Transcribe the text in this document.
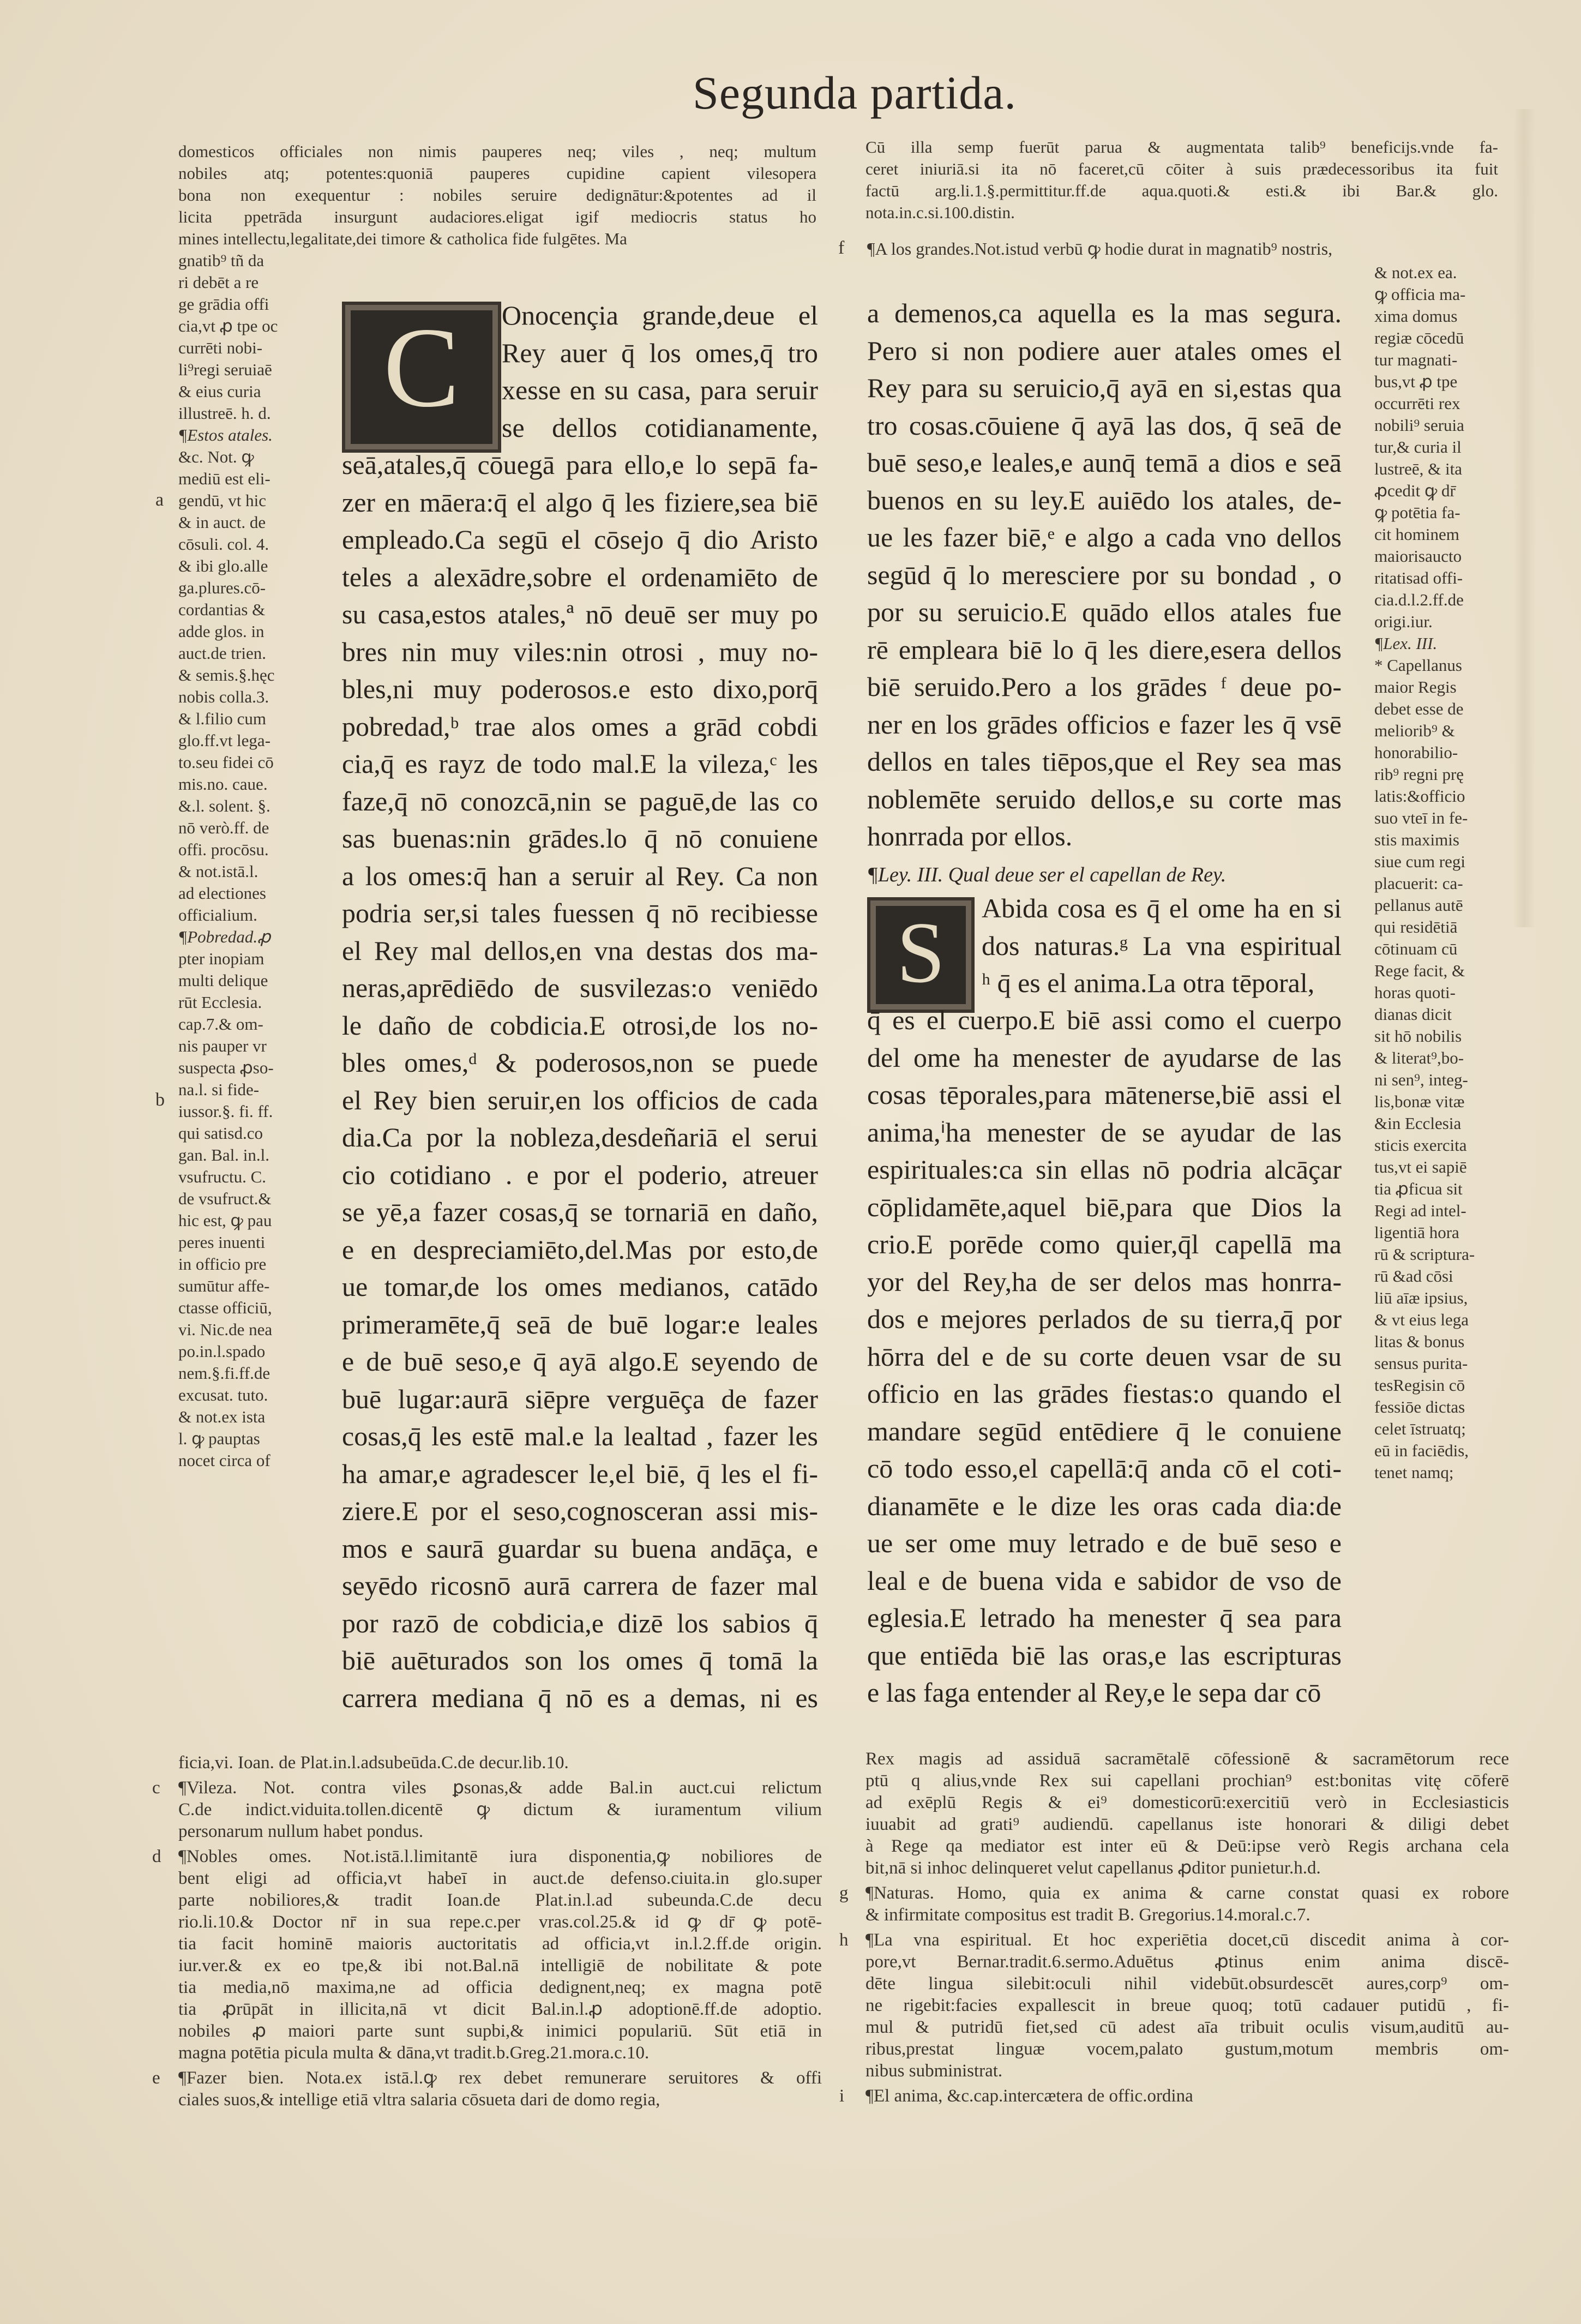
Segunda partida.

domesticos officiales non nimis pauperes neq; viles , neq; multum

nobiles atq; potentes:quoniā pauperes cupidine capient vilesopera

bona non exequentur : nobiles seruire dedignātur:&potentes ad il

licita ppetrāda insurgunt audaciores.eligat igif mediocris status ho

mines intellectu,legalitate,dei timore & catholica fide fulgētes. Ma

gnatib⁹ tñ da

ri debēt a re

ge grādia offi

cia,vt ꝓ tpe oc

currēti nobi-

li⁹regi seruiaē

& eius curia

illustreē. h. d.

¶Estos atales.

&c. Not. ꝙ

mediū est eli-

gendū, vt hic

& in auct. de

cōsuli. col. 4.

& ibi glo.alle

ga.plures.cō-

cordantias &

adde glos. in

auct.de trien.

& semis.§.hęc

nobis colla.3.

& l.filio cum

glo.ff.vt lega-

to.seu fidei cō

mis.no. caue.

&.l. solent. §.

nō verò.ff. de

offi. procōsu.

& not.istā.l.

ad electiones

officialium.

¶Pobredad.ꝓ

pter inopiam

multi delique

rūt Ecclesia.

cap.7.& om-

nis pauper vr

suspecta ꝓso-

na.l. si fide-

iussor.§. fi. ff.

qui satisd.co

gan. Bal. in.l.

vsufructu. C.

de vsufruct.&

hic est, ꝙ pau

peres inuenti

in officio pre

sumūtur affe-

ctasse officiū,

vi. Nic.de nea

po.in.l.spado

nem.§.fi.ff.de

excusat. tuto.

& not.ex ista

l. ꝙ pauptas

nocet circa of

a
b
C	Onocençia grande,deue el

Rey auer q̄ los omes,q̄ tro

xesse en su casa, para seruir

se dellos cotidianamente,

seā,atales,q̄ cōuegā para ello,e lo sepā fa-

zer en māera:q̄ el algo q̄ les fiziere,sea biē

empleado.Ca segū el cōsejo q̄ dio Aristo

teles a alexādre,sobre el ordenamiēto de

su casa,estos atales,ª nō deuē ser muy po

bres nin muy viles:nin otrosi , muy no-

bles,ni muy poderosos.e esto dixo,porq̄

pobredad,ᵇ trae alos omes a grād cobdi

cia,q̄ es rayz de todo mal.E la vileza,ᶜ les

faze,q̄ nō conozcā,nin se paguē,de las co

sas buenas:nin grādes.lo q̄ nō conuiene

a los omes:q̄ han a seruir al Rey. Ca non

podria ser,si tales fuessen q̄ nō recibiesse

el Rey mal dellos,en vna destas dos ma-

neras,aprēdiēdo de susvilezas:o veniēdo

le daño de cobdicia.E otrosi,de los no-

bles omes,ᵈ & poderosos,non se puede

el Rey bien seruir,en los officios de cada

dia.Ca por la nobleza,desdeñariā el serui

cio cotidiano . e por el poderio, atreuer

se yē,a fazer cosas,q̄ se tornariā en daño,

e en despreciamiēto,del.Mas por esto,de

ue tomar,de los omes medianos, catādo

primeramēte,q̄ seā de buē logar:e leales

e de buē seso,e q̄ ayā algo.E seyendo de

buē lugar:aurā siēpre verguēça de fazer

cosas,q̄ les estē mal.e la lealtad , fazer les

ha amar,e agradescer le,el biē, q̄ les el fi-

ziere.E por el seso,cognosceran assi mis-

mos e saurā guardar su buena andāça, e

seyēdo ricosnō aurā carrera de fazer mal

por razō de cobdicia,e dizē los sabios q̄

biē auēturados son los omes q̄ tomā la

carrera mediana q̄ nō es a demas, ni es

Cū illa semp fuerūt parua & augmentata talib⁹ beneficijs.vnde fa-

ceret iniuriā.si ita nō faceret,cū cōiter à suis prædecessoribus ita fuit

factū arg.li.1.§.permittitur.ff.de aqua.quoti.& esti.& ibi Bar.& glo.

nota.in.c.si.100.distin.

f ¶A los grandes.Not.istud verbū ꝙ hodie durat in magnatib⁹ nostris,

a demenos,ca aquella es la mas segura.

Pero si non podiere auer atales omes el

Rey para su seruicio,q̄ ayā en si,estas qua

tro cosas.cōuiene q̄ ayā las dos, q̄ seā de

buē seso,e leales,e aunq̄ temā a dios e seā

buenos en su ley.E auiēdo los atales, de-

ue les fazer biē,ᵉ e algo a cada vno dellos

segūd q̄ lo meresciere por su bondad , o

por su seruicio.E quādo ellos atales fue

rē empleara biē lo q̄ les diere,esera dellos

biē seruido.Pero a los grādes ᶠ deue po-

ner en los grādes officios e fazer les q̄ vsē

dellos en tales tiēpos,que el Rey sea mas

noblemēte seruido dellos,e su corte mas

honrrada por ellos.

¶Ley. III. Qual deue ser el capellan de Rey.
S	Abida cosa es q̄ el ome ha en si

dos naturas.ᵍ La vna espiritual

ʰ q̄ es el anima.La otra tēporal,

q̄ es el cuerpo.E biē assi como el cuerpo

del ome ha menester de ayudarse de las

cosas tēporales,para mātenerse,biē assi el

anima,ⁱha menester de se ayudar de las

espirituales:ca sin ellas nō podria alcāçar

cōplidamēte,aquel biē,para que Dios la

crio.E porēde como quier,q̄l capellā ma

yor del Rey,ha de ser delos mas honrra-

dos e mejores perlados de su tierra,q̄ por

hōrra del e de su corte deuen vsar de su

officio en las grādes fiestas:o quando el

mandare segūd entēdiere q̄ le conuiene

cō todo esso,el capellā:q̄ anda cō el coti-

dianamēte e le dize les oras cada dia:de

ue ser ome muy letrado e de buē seso e

leal e de buena vida e sabidor de vso de

eglesia.E letrado ha menester q̄ sea para

que entiēda biē las oras,e las escripturas

e las faga entender al Rey,e le sepa dar cō

& not.ex ea.

ꝙ officia ma-

xima domus

regiæ cōcedū

tur magnati-

bus,vt ꝓ tpe

occurrēti rex

nobili⁹ seruia

tur,& curia il

lustreē, & ita

ꝓcedit ꝙ dr̄

ꝙ potētia fa-

cit hominem

maiorisaucto

ritatisad offi-

cia.d.l.2.ff.de

origi.iur.

¶Lex. III.

* Capellanus

maior Regis

debet esse de

meliorib⁹ &

honorabilio-

rib⁹ regni prę

latis:&officio

suo vteī in fe-

stis maximis

siue cum regi

placuerit: ca-

pellanus autē

qui residētiā

cōtinuam cū

Rege facit, &

horas quoti-

dianas dicit

sit hō nobilis

& literat⁹,bo-

ni sen⁹, integ-

lis,bonæ vitæ

&in Ecclesia

sticis exercita

tus,vt ei sapiē

tia ꝓficua sit

Regi ad intel-

ligentiā hora

rū & scriptura-

rū &ad cōsi

liū aīæ ipsius,

& vt eius lega

litas & bonus

sensus purita-

tesRegisin cō

fessiōe dictas

celet īstruatq;

eū in faciēdis,

tenet namq;

ficia,vi. Ioan. de Plat.in.l.adsubeūda.C.de decur.lib.10.

c ¶Vileza. Not. contra viles ꝑsonas,& adde Bal.in auct.cui relictum

C.de indict.viduita.tollen.dicentē ꝙ dictum & iuramentum vilium

personarum nullum habet pondus.

d ¶Nobles omes. Not.istā.l.limitantē iura disponentia,ꝙ nobiliores de

bent eligi ad officia,vt habeī in auct.de defenso.ciuita.in glo.super

parte nobiliores,& tradit Ioan.de Plat.in.l.ad subeunda.C.de decu

rio.li.10.& Doctor nr̄ in sua repe.c.per vras.col.25.& id ꝙ dr̄ ꝙ potē-

tia facit hominē maioris auctoritatis ad officia,vt in.l.2.ff.de origin.

iur.ver.& ex eo tpe,& ibi not.Bal.nā intelligiē de nobilitate & pote

tia media,nō maxima,ne ad officia dedignent,neq; ex magna potē

tia ꝓrūpāt in illicita,nā vt dicit Bal.in.l.ꝓ adoptionē.ff.de adoptio.

nobiles ꝓ maiori parte sunt supbi,& inimici populariū. Sūt etiā in

magna potētia picula multa & dāna,vt tradit.b.Greg.21.mora.c.10.

e ¶Fazer bien. Nota.ex istā.l.ꝙ rex debet remunerare seruitores & offi

ciales suos,& intellige etiā vltra salaria cōsueta dari de domo regia,

Rex magis ad assiduā sacramētalē cōfessionē & sacramētorum rece

ptū q alius,vnde Rex sui capellani prochian⁹ est:bonitas vitę cōferē

ad exēplū Regis & ei⁹ domesticorū:exercitiū verò in Ecclesiasticis

iuuabit ad grati⁹ audiendū. capellanus iste honorari & diligi debet

à Rege qa mediator est inter eū & Deū:ipse verò Regis archana cela

bit,nā si inhoc delinqueret velut capellanus ꝓditor punietur.h.d.

g ¶Naturas. Homo, quia ex anima & carne constat quasi ex robore

& infirmitate compositus est tradit B. Gregorius.14.moral.c.7.

h ¶La vna espiritual. Et hoc experiētia docet,cū discedit anima à cor-

pore,vt Bernar.tradit.6.sermo.Aduētus ꝓtinus enim anima discē-

dēte lingua silebit:oculi nihil videbūt.obsurdescēt aures,corp⁹ om-

ne rigebit:facies expallescit in breue quoq; totū cadauer putidū , fi-

mul & putridū fiet,sed cū adest aīa tribuit oculis visum,auditū au-

ribus,prestat linguæ vocem,palato gustum,motum membris om-

nibus subministrat.

i ¶El anima, &c.cap.intercætera de offic.ordina
